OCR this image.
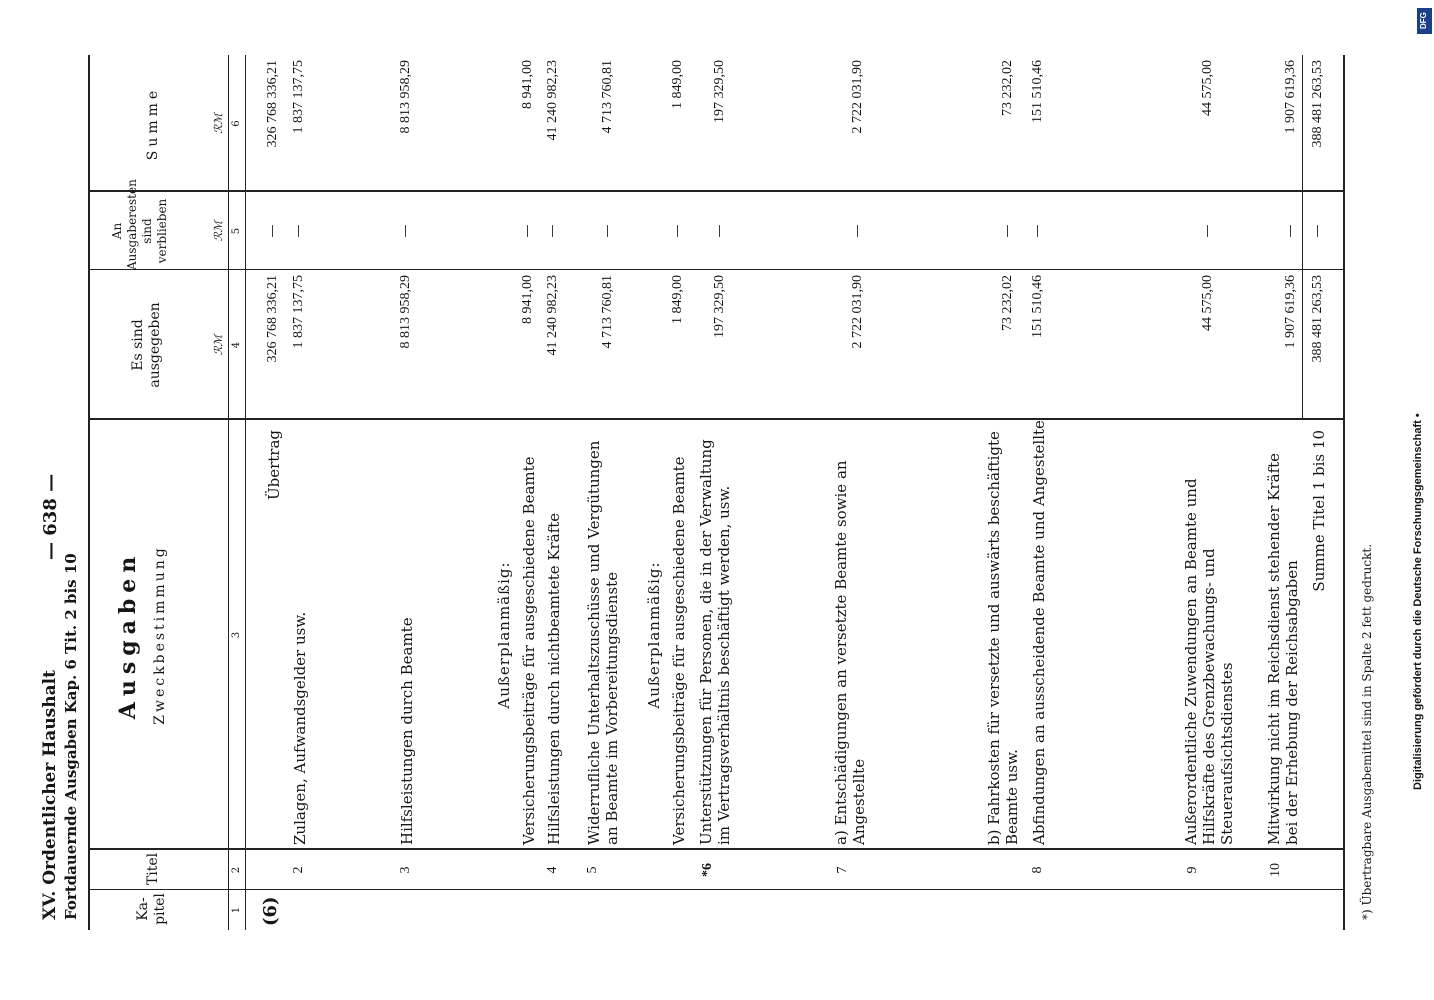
XV. Ordentlicher Haushalt Fortdauernde Ausgaben Kap. 6 Tit. 2 bis 10
— 638 —
Ka-
pitel
Titel
Ausgaben Zweckbestimmung
Es sind
ausgegeben
An
Ausgaberesten
sind verblieben
Summe
ℛℳ
ℛℳ
ℛℳ
1
2
3
4
5
6
(6)
Übertrag
326 768 336,21
—
326 768 336,21
2
Zulagen, Aufwandsgelder usw.
1 837 137,75
—
1 837 137,75
3
Hilfsleistungen durch Beamte
8 813 958,29
—
8 813 958,29
Außerplanmäßig: Versicherungsbeiträge für ausgeschiedene Beamte
8 941,00
—
8 941,00
4
Hilfsleistungen durch nichtbeamtete Kräfte
41 240 982,23
—
41 240 982,23
5
Widerrufliche Unterhaltszuschüsse und Vergütungen an Beamte im Vorbereitungsdienste
4 713 760,81
—
4 713 760,81
Außerplanmäßig: Versicherungsbeiträge für ausgeschiedene Beamte
1 849,00
—
1 849,00
*6
Unterstützungen für Personen, die in der Verwaltung im Vertragsverhältnis beschäftigt werden, usw.
197 329,50
—
197 329,50
7
a) Entschädigungen an versetzte Beamte sowie an Angestellte
2 722 031,90
—
2 722 031,90
b) Fahrkosten für versetzte und auswärts beschäftigte Beamte usw.
73 232,02
—
73 232,02
8
Abfindungen an ausscheidende Beamte und Angestellte
151 510,46
—
151 510,46
9
Außerordentliche Zuwendungen an Beamte und Hilfskräfte des Grenzbewachungs- und Steueraufsichtsdienstes
44 575,00
—
44 575,00
10
Mitwirkung nicht im Reichsdienst stehender Kräfte bei der Erhebung der Reichsabgaben
1 907 619,36
—
1 907 619,36
Summe Titel 1 bis 10
388 481 263,53
—
388 481 263,53
*) Übertragbare Ausgabemittel sind in Spalte 2 fett gedruckt.	Digitalisierung gefördert durch die Deutsche Forschungsgemeinschaft •
DFG
